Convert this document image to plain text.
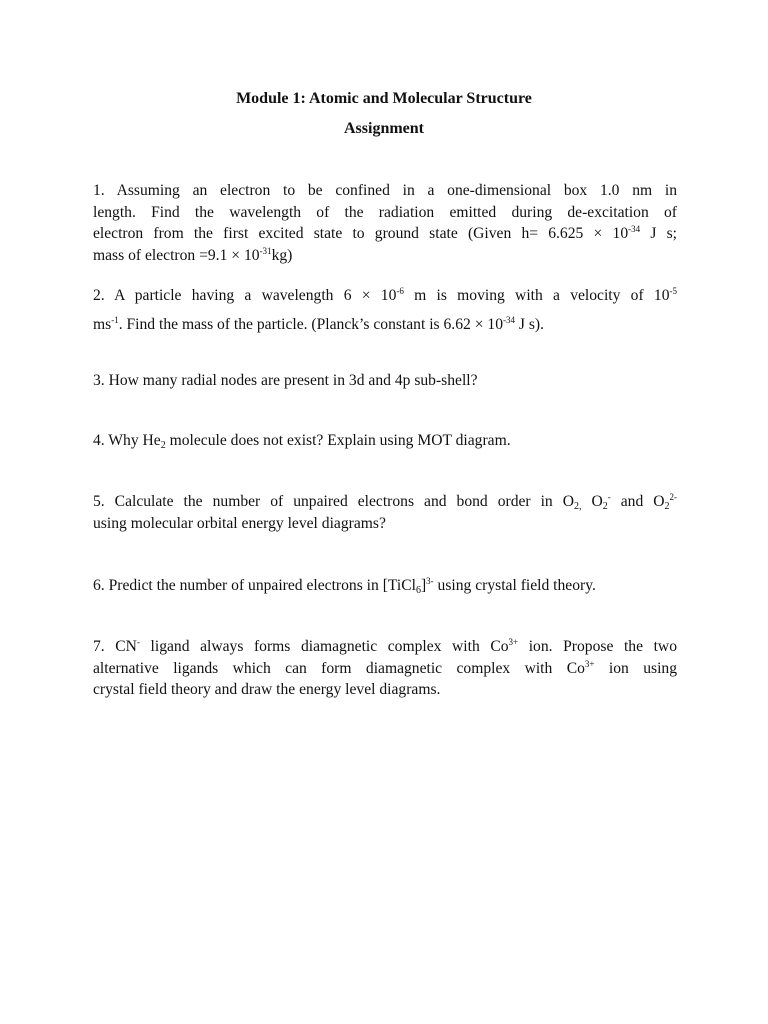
Module 1: Atomic and Molecular Structure
Assignment
1. Assuming an electron to be confined in a one-dimensional box 1.0 nm in
length. Find the wavelength of the radiation emitted during de-excitation of
electron from the first excited state to ground state (Given $h= 6.625 \times 10^{-34}$ J s;
mass of electron $=9.1 \times 10^{-31}kg$)
2. A particle having a wavelength $6 \times 10^{-6}$ m is moving with a velocity of $10^{-5}$
$ms^{-1}$. Find the mass of the particle. (Planck’s constant is $6.62 \times 10^{-34}$ J s).
3. How many radial nodes are present in 3d and 4p sub-shell?
4. Why $He_2$ molecule does not exist? Explain using MOT diagram.
5. Calculate the number of unpaired electrons and bond order in $O_{2,}$ $O_2^-$ and $O_2^{2-}$
using molecular orbital energy level diagrams?
6. Predict the number of unpaired electrons in [TiCl$_6$]$^{3-}$ using crystal field theory.
7. CN- ligand always forms diamagnetic complex with $Co^{3+}$ ion. Propose the two
alternative ligands which can form diamagnetic complex with $Co^{3+}$ ion using
crystal field theory and draw the energy level diagrams.
